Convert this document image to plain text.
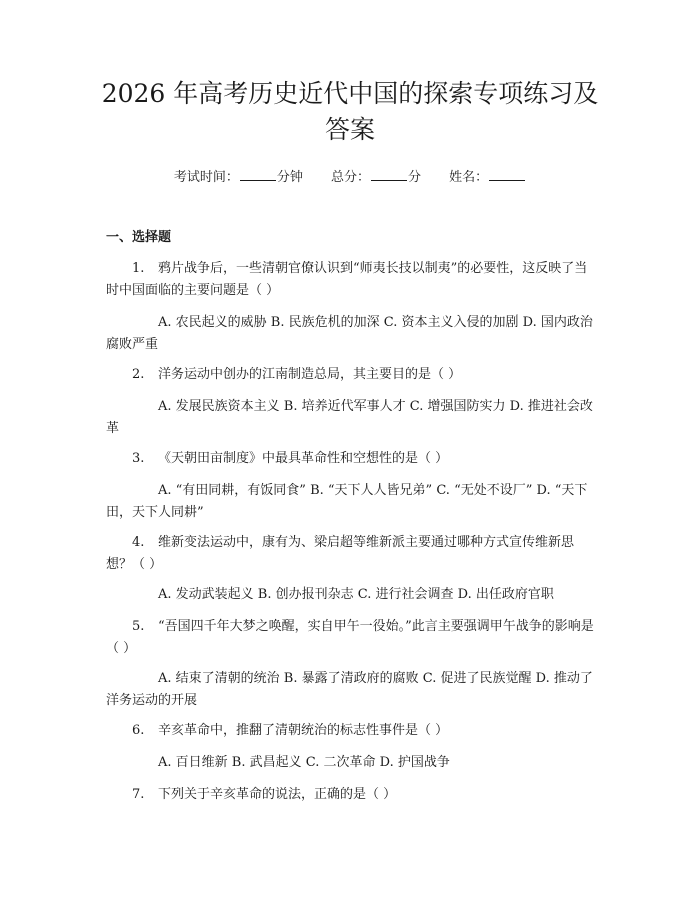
2026 年高考历史近代中国的探索专项练习及
答案
考试时间：	分钟 总分：	分 姓名：
一、选择题

1. 鸦片战争后，一些清朝官僚认识到“师夷长技以制夷”的必要性，这反映了当时中国面临的主要问题是（ ）

A. 农民起义的威胁 B. 民族危机的加深 C. 资本主义入侵的加剧 D. 国内政治腐败严重

2. 洋务运动中创办的江南制造总局，其主要目的是（ ）

A. 发展民族资本主义 B. 培养近代军事人才 C. 增强国防实力 D. 推进社会改革

3. 《天朝田亩制度》中最具革命性和空想性的是（ ）

A. “有田同耕，有饭同食” B. “天下人人皆兄弟” C. “无处不设厂” D. “天下田，天下人同耕”

4. 维新变法运动中，康有为、梁启超等维新派主要通过哪种方式宣传维新思想？（ ）

A. 发动武装起义 B. 创办报刊杂志 C. 进行社会调查 D. 出任政府官职

5. “吾国四千年大梦之唤醒，实自甲午一役始。”此言主要强调甲午战争的影响是（ ）

A. 结束了清朝的统治 B. 暴露了清政府的腐败 C. 促进了民族觉醒 D. 推动了洋务运动的开展

6. 辛亥革命中，推翻了清朝统治的标志性事件是（ ）

A. 百日维新 B. 武昌起义 C. 二次革命 D. 护国战争

7. 下列关于辛亥革命的说法，正确的是（ ）
